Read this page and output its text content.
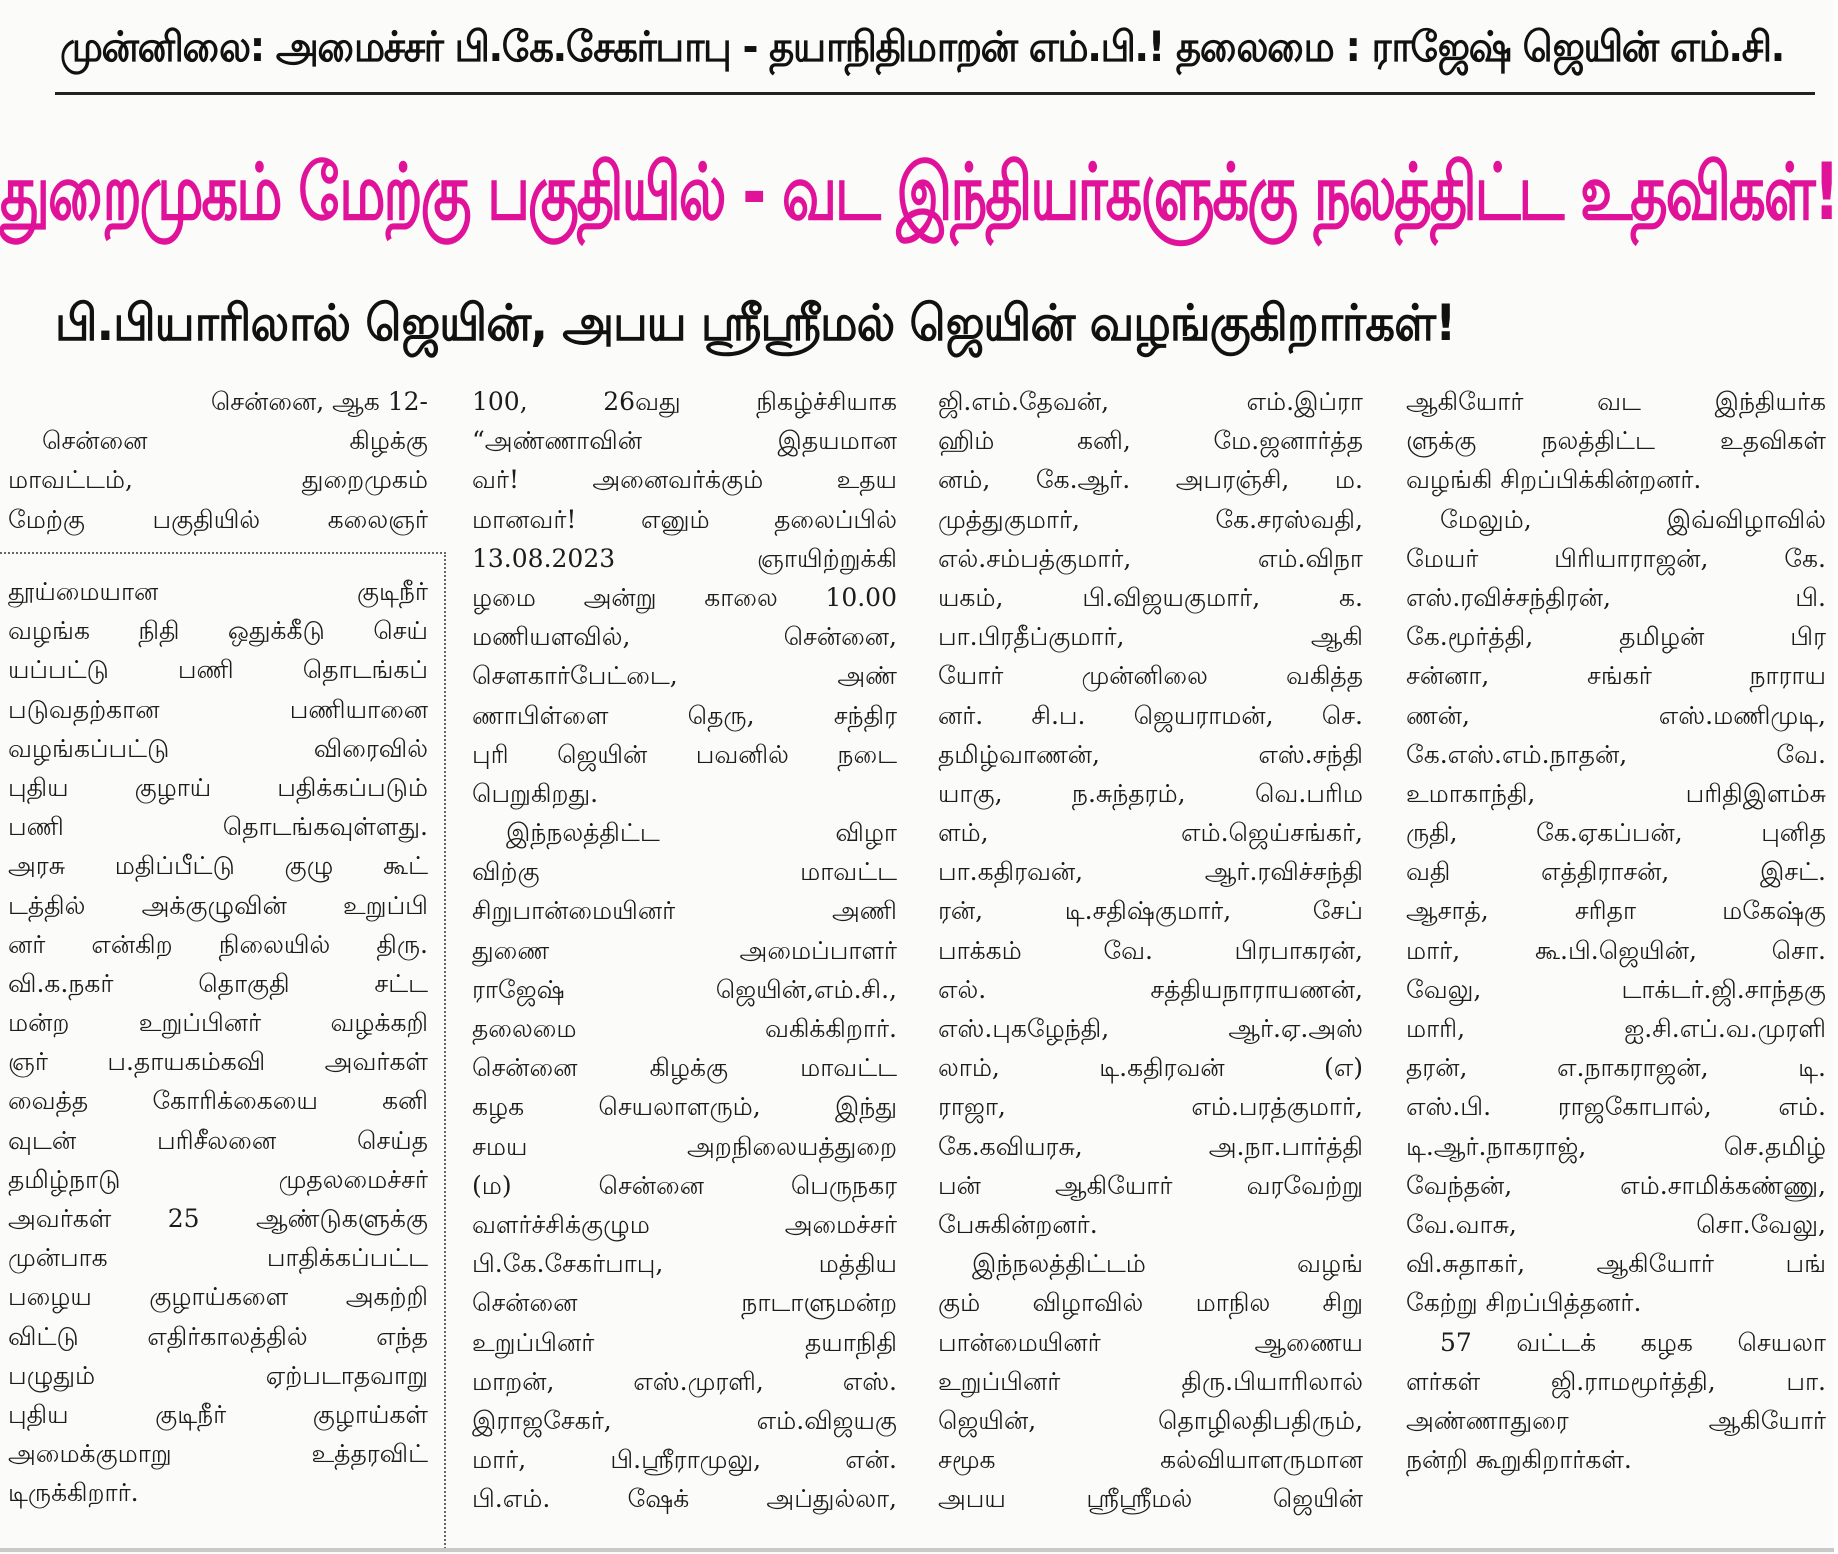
முன்னிலை: அமைச்சர் பி.கே.சேகர்பாபு - தயாநிதிமாறன் எம்.பி.! தலைமை : ராஜேஷ் ஜெயின் எம்.சி.
துறைமுகம் மேற்கு பகுதியில் - வட இந்தியர்களுக்கு நலத்திட்ட உதவிகள்!
பி.பியாரிலால் ஜெயின், அபய ஸ்ரீஸ்ரீமல் ஜெயின் வழங்குகிறார்கள்!
சென்னை, ஆக 12-
சென்னை கிழக்கு
மாவட்டம், துறைமுகம்
மேற்கு பகுதியில் கலைஞர்
தூய்மையான குடிநீர்
வழங்க நிதி ஒதுக்கீடு செய்
யப்பட்டு பணி தொடங்கப்
படுவதற்கான பணியானை
வழங்கப்பட்டு விரைவில்
புதிய குழாய் பதிக்கப்படும்
பணி தொடங்கவுள்ளது.
அரசு மதிப்பீட்டு குழு கூட்
டத்தில் அக்குழுவின் உறுப்பி
னர் என்கிற நிலையில் திரு.
வி.க.நகர் தொகுதி சட்ட
மன்ற உறுப்பினர் வழக்கறி
ஞர் ப.தாயகம்கவி அவர்கள்
வைத்த கோரிக்கையை கனி
வுடன் பரிசீலனை செய்த
தமிழ்நாடு முதலமைச்சர்
அவர்கள் 25 ஆண்டுகளுக்கு
முன்பாக பாதிக்கப்பட்ட
பழைய குழாய்களை அகற்றி
விட்டு எதிர்காலத்தில் எந்த
பழுதும் ஏற்படாதவாறு
புதிய குடிநீர் குழாய்கள்
அமைக்குமாறு உத்தரவிட்
டிருக்கிறார்.
100, 26வது நிகழ்ச்சியாக
“அண்ணாவின் இதயமான
வர்! அனைவர்க்கும் உதய
மானவர்! எனும் தலைப்பில்
13.08.2023 ஞாயிற்றுக்கி
ழமை அன்று காலை 10.00
மணியளவில், சென்னை,
சௌகார்பேட்டை, அண்
ணாபிள்ளை தெரு, சந்திர
புரி ஜெயின் பவனில் நடை
பெறுகிறது.
இந்நலத்திட்ட விழா
விற்கு மாவட்ட
சிறுபான்மையினர் அணி
துணை அமைப்பாளர்
ராஜேஷ் ஜெயின்,எம்.சி.,
தலைமை வகிக்கிறார்.
சென்னை கிழக்கு மாவட்ட
கழக செயலாளரும், இந்து
சமய அறநிலையத்துறை
(ம) சென்னை பெருநகர
வளர்ச்சிக்குழும அமைச்சர்
பி.கே.சேகர்பாபு, மத்திய
சென்னை நாடாளுமன்ற
உறுப்பினர் தயாநிதி
மாறன், எஸ்.முரளி, எஸ்.
இராஜசேகர், எம்.விஜயகு
மார், பி.ஸ்ரீராமுலு, என்.
பி.எம். ஷேக் அப்துல்லா,
ஜி.எம்.தேவன், எம்.இப்ரா
ஹிம் கனி, மே.ஜனார்த்த
னம், கே.ஆர். அபரஞ்சி, ம.
முத்துகுமார், கே.சரஸ்வதி,
எல்.சம்பத்குமார், எம்.விநா
யகம், பி.விஜயகுமார், க.
பா.பிரதீப்குமார், ஆகி
யோர் முன்னிலை வகித்த
னர். சி.ப. ஜெயராமன், செ.
தமிழ்வாணன், எஸ்.சந்தி
யாகு, ந.சுந்தரம், வெ.பரிம
ளம், எம்.ஜெய்சங்கர்,
பா.கதிரவன், ஆர்.ரவிச்சந்தி
ரன், டி.சதிஷ்குமார், சேப்
பாக்கம் வே. பிரபாகரன்,
எல். சத்தியநாராயணன்,
எஸ்.புகழேந்தி, ஆர்.ஏ.அஸ்
லாம், டி.கதிரவன் (எ)
ராஜா, எம்.பரத்குமார்,
கே.கவியரசு, அ.நா.பார்த்தி
பன் ஆகியோர் வரவேற்று
பேசுகின்றனர்.
இந்நலத்திட்டம் வழங்
கும் விழாவில் மாநில சிறு
பான்மையினர் ஆணைய
உறுப்பினர் திரு.பியாரிலால்
ஜெயின், தொழிலதிபதிரும்,
சமூக கல்வியாளருமான
அபய ஸ்ரீஸ்ரீமல் ஜெயின்
ஆகியோர் வட இந்தியர்க
ளுக்கு நலத்திட்ட உதவிகள்
வழங்கி சிறப்பிக்கின்றனர்.
மேலும், இவ்விழாவில்
மேயர் பிரியாராஜன், கே.
எஸ்.ரவிச்சந்திரன், பி.
கே.மூர்த்தி, தமிழன் பிர
சன்னா, சங்கர் நாராய
ணன், எஸ்.மணிமுடி,
கே.எஸ்.எம்.நாதன், வே.
உமாகாந்தி, பரிதிஇளம்சு
ருதி, கே.ஏகப்பன், புனித
வதி எத்திராசன், இசட்.
ஆசாத், சரிதா மகேஷ்கு
மார், கூ.பி.ஜெயின், சொ.
வேலு, டாக்டர்.ஜி.சாந்தகு
மாரி, ஐ.சி.எப்.வ.முரளி
தரன், எ.நாகராஜன், டி.
எஸ்.பி. ராஜகோபால், எம்.
டி.ஆர்.நாகராஜ், செ.தமிழ்
வேந்தன், எம்.சாமிக்கண்ணு,
வே.வாசு, சொ.வேலு,
வி.சுதாகர், ஆகியோர் பங்
கேற்று சிறப்பித்தனர்.
57 வட்டக் கழக செயலா
ளர்கள் ஜி.ராமமூர்த்தி, பா.
அண்ணாதுரை ஆகியோர்
நன்றி கூறுகிறார்கள்.
